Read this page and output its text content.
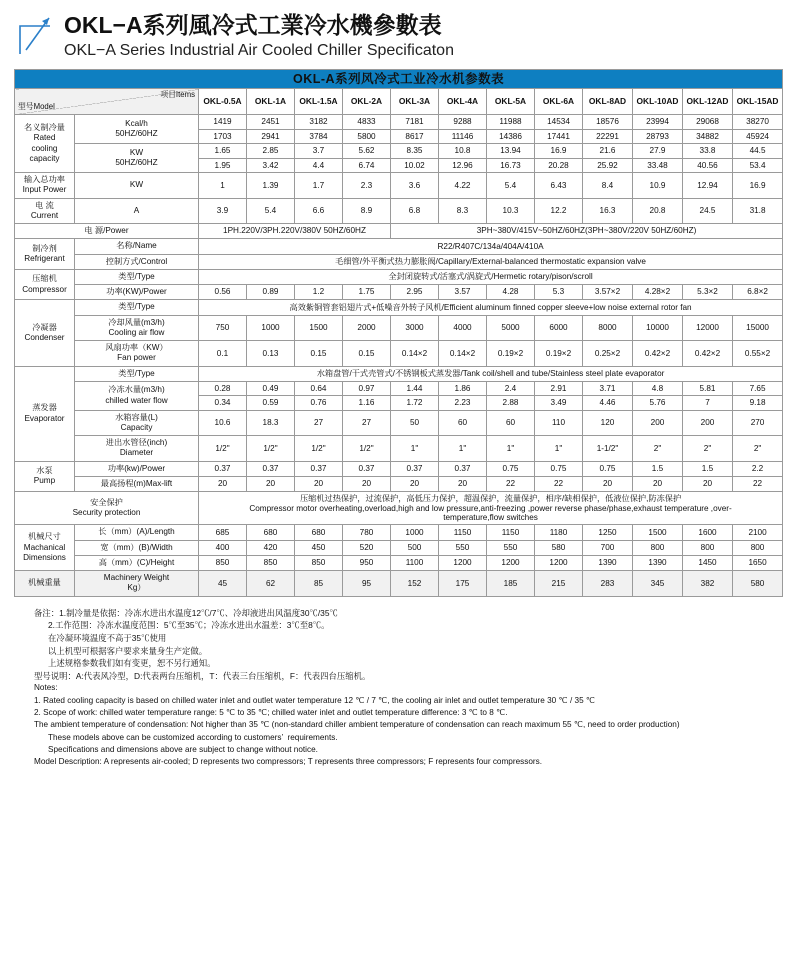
OKL−A系列風冷式工業冷水機參數表
OKL−A Series Industrial Air Cooled Chiller Specificaton
OKL-A系列风冷式工业冷水机参数表													

项目Items
型号Model		OKL-0.5A	OKL-1A	OKL-1.5A	OKL-2A	OKL-3A	OKL-4A	OKL-5A	OKL-6A	OKL-8AD	OKL-10AD	OKL-12AD	OKL-15AD

名义制冷量
Rated
cooling
capacity

Kcal/h
50HZ/60HZ
	1419	2451	3182	4833	7181	9288	11988	14534	18576	23994	29068	38270
		1703	2941	3784	5800	8617	11146	14386	17441	22291	28793	34882	45924

	KW
50HZ/60HZ	1.65	2.85	3.7	5.62	8.35	10.8	13.94	16.9	21.6	27.9	33.8	44.5
		1.95	3.42	4.4	6.74	10.02	12.96	16.73	20.28	25.92	33.48	40.56	53.4

输入总功率
Input Power	KW	1	1.39	1.7	2.3	3.6	4.22	5.4	6.43	8.4	10.9	12.94	16.9

电 流
Current	A	3.9	5.4	6.6	8.9	6.8	8.3	10.3	12.2	16.3	20.8	24.5	31.8
电 源/Power		1PH.220V/3PH.220V/380V 50HZ/60HZ				3PH~380V/415V~50HZ/60HZ(3PH~380V/220V 50HZ/60HZ)							

制冷剂
Refrigerant	名称/Name	R22/R407C/134a/404A/410A											
	控制方式/Control	毛细管/外平衡式热力膨胀阀/Capillary/External-balanced thermostatic expansion valve											

压缩机
Compressor	类型/Type	全封闭旋转式/活塞式/涡旋式/Hermetic rotary/pison/scroll											
	功率(KW)/Power	0.56	0.89	1.2	1.75	2.95	3.57	4.28	5.3	3.57×2	4.28×2	5.3×2	6.8×2

冷凝器
Condenser	类型/Type	高效紫铜管套铝翅片式+低噪音外转子风机/Efficient aluminum finned copper sleeve+low noise external rotor fan											

	冷却风量(m3/h)
Cooling air flow	750	1000	1500	2000	3000	4000	5000	6000	8000	10000	12000	15000

	风扇功率（KW）
Fan power	0.1	0.13	0.15	0.15	0.14×2	0.14×2	0.19×2	0.19×2	0.25×2	0.42×2	0.42×2	0.55×2

蒸发器
Evaporator	类型/Type	水箱盘管/干式壳管式/不锈钢板式蒸发器/Tank coil/shell and tube/Stainless steel plate evaporator											

	冷冻水量(m3/h)
chilled water flow	0.28	0.49	0.64	0.97	1.44	1.86	2.4	2.91	3.71	4.8	5.81	7.65
		0.34	0.59	0.76	1.16	1.72	2.23	2.88	3.49	4.46	5.76	7	9.18

	水箱容量(L)
Capacity	10.6	18.3	27	27	50	60	60	110	120	200	200	270

	进出水管径(inch)
Diameter	1/2"	1/2"	1/2"	1/2"	1"	1"	1"	1"	1-1/2"	2"	2"	2"

水泵
Pump	功率(kw)/Power	0.37	0.37	0.37	0.37	0.37	0.37	0.75	0.75	0.75	1.5	1.5	2.2
	最高扬程(m)Max-lift	20	20	20	20	20	20	22	22	20	20	20	22

安全保护
Security protection

压缩机过热保护，过流保护，高低压力保护，超温保护，流量保护，相序/缺相保护，低液位保护,防冻保护
Compressor motor overheating,overload,high and low pressure,anti-freezing ,power reverse phase/phase,exhaust temperature ,over-
temperature,flow switches

机械尺寸
Machanical
Dimensions	长（mm）(A)/Length	685	680	680	780	1000	1150	1150	1180	1250	1500	1600	2100
	宽（mm）(B)/Width	400	420	450	520	500	550	550	580	700	800	800	800
	高（mm）(C)/Height	850	850	850	950	1100	1200	1200	1200	1390	1390	1450	1650
机械重量	Machinery Weight
Kg）	45	62	85	95	152	175	185	215	283	345	382	580
备注：1.制冷量是依据：冷冻水进出水温度12℃/7℃、冷却液进出风温度30℃/35℃
2.工作范围：冷冻水温度范围：5℃至35℃；冷冻水进出水温差：3℃至8℃。
在冷凝环境温度不高于35℃使用
以上机型可根据客户要求来量身生产定做。
上述规格参数我们如有变更，恕不另行通知。
型号说明：A:代表风冷型，D:代表两台压缩机，T：代表三台压缩机，F：代表四台压缩机。
Notes:
1. Rated cooling capacity is based on chilled water inlet and outlet water temperature 12 ℃ / 7 ℃, the cooling air inlet and outlet temperature 30 ℃ / 35 ℃
2. Scope of work: chilled water temperature range: 5 ℃ to 35 ℃; chilled water inlet and outlet temperature difference: 3 ℃ to 8 ℃.
The ambient temperature of condensation: Not higher than 35 ℃ (non-standard chiller ambient temperature of condensation can reach maximum 55 ℃, need to order production)
These models above can be customized according to customers’  requirements.
Specifications and dimensions above are subject to change without notice.
Model Description: A represents air-cooled; D represents two compressors; T represents three compressors; F represents four compressors.
